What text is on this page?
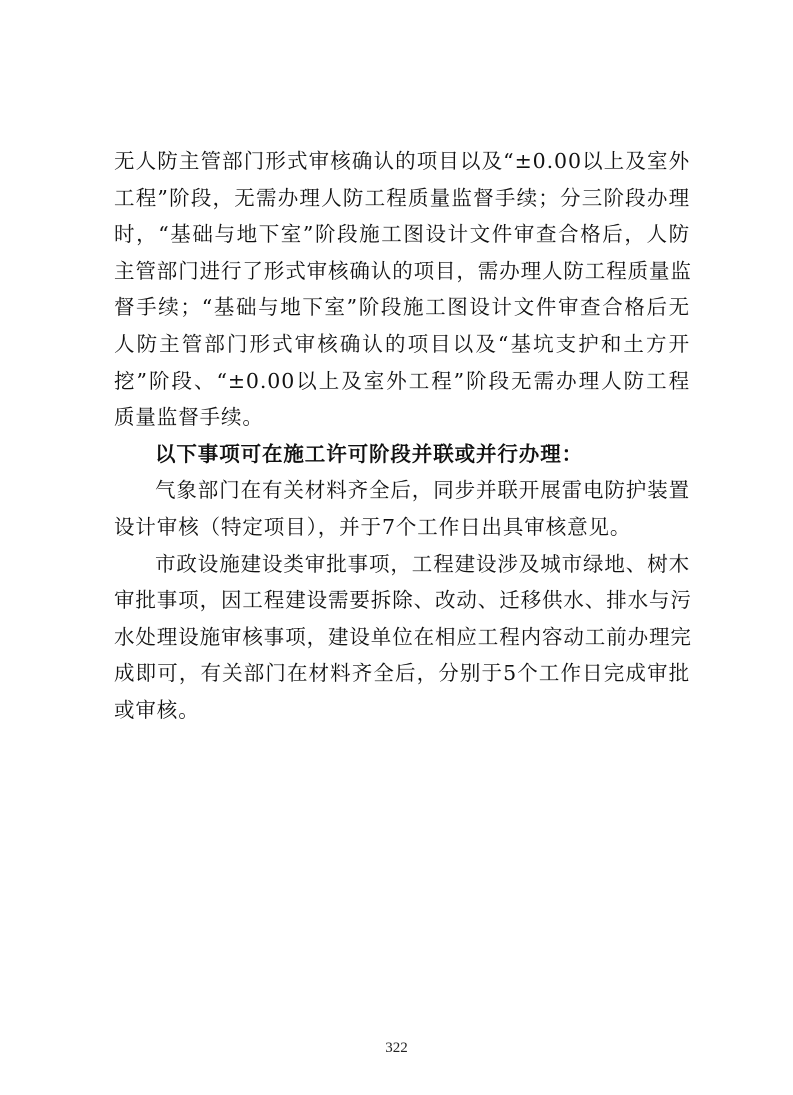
无人防主管部门形式审核确认的项目以及“±0.00以上及室外
工程”阶段，无需办理人防工程质量监督手续；分三阶段办理
时，“基础与地下室”阶段施工图设计文件审查合格后，人防
主管部门进行了形式审核确认的项目，需办理人防工程质量监
督手续；“基础与地下室”阶段施工图设计文件审查合格后无
人防主管部门形式审核确认的项目以及“基坑支护和土方开
挖”阶段、“±0.00以上及室外工程”阶段无需办理人防工程
质量监督手续。
以下事项可在施工许可阶段并联或并行办理：
气象部门在有关材料齐全后，同步并联开展雷电防护装置
设计审核（特定项目），并于7个工作日出具审核意见。
市政设施建设类审批事项，工程建设涉及城市绿地、树木
审批事项，因工程建设需要拆除、改动、迁移供水、排水与污
水处理设施审核事项，建设单位在相应工程内容动工前办理完
成即可，有关部门在材料齐全后，分别于5个工作日完成审批
或审核。
322
